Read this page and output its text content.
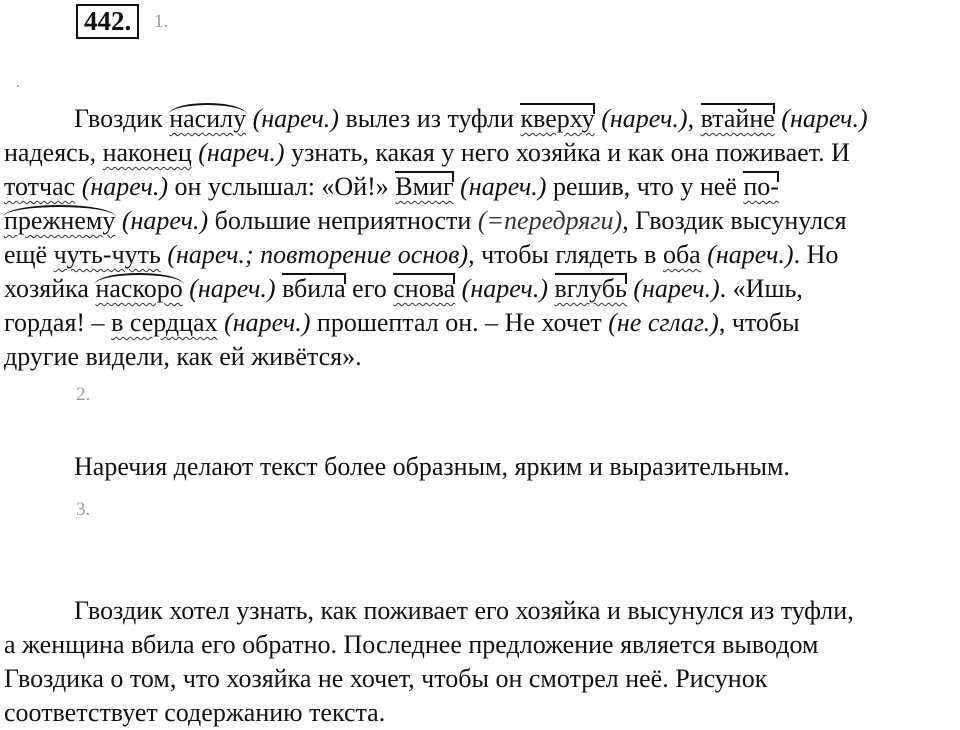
442.	1.
.
Гвоздик насилу (нареч.) вылез из туфли кверху (нареч.), втайне (нареч.)
надеясь, наконец (нареч.) узнать, какая у него хозяйка и как она поживает. И
тотчас (нареч.) он услышал: «Ой!» Вмиг (нареч.) решив, что у неё по-
прежнему (нареч.) большие неприятности (=передряги), Гвоздик высунулся
ещё чуть-чуть (нареч.; повторение основ), чтобы глядеть в оба (нареч.). Но
хозяйка наскоро (нареч.) вбила его снова (нареч.) вглубь (нареч.). «Ишь,
гордая! – в сердцах (нареч.) прошептал он. – Не хочет (не сглаг.), чтобы
другие видели, как ей живётся».
2.
Наречия делают текст более образным, ярким и выразительным.
3.
Гвоздик хотел узнать, как поживает его хозяйка и высунулся из туфли,
а женщина вбила его обратно. Последнее предложение является выводом
Гвоздика о том, что хозяйка не хочет, чтобы он смотрел неё. Рисунок
соответствует содержанию текста.
